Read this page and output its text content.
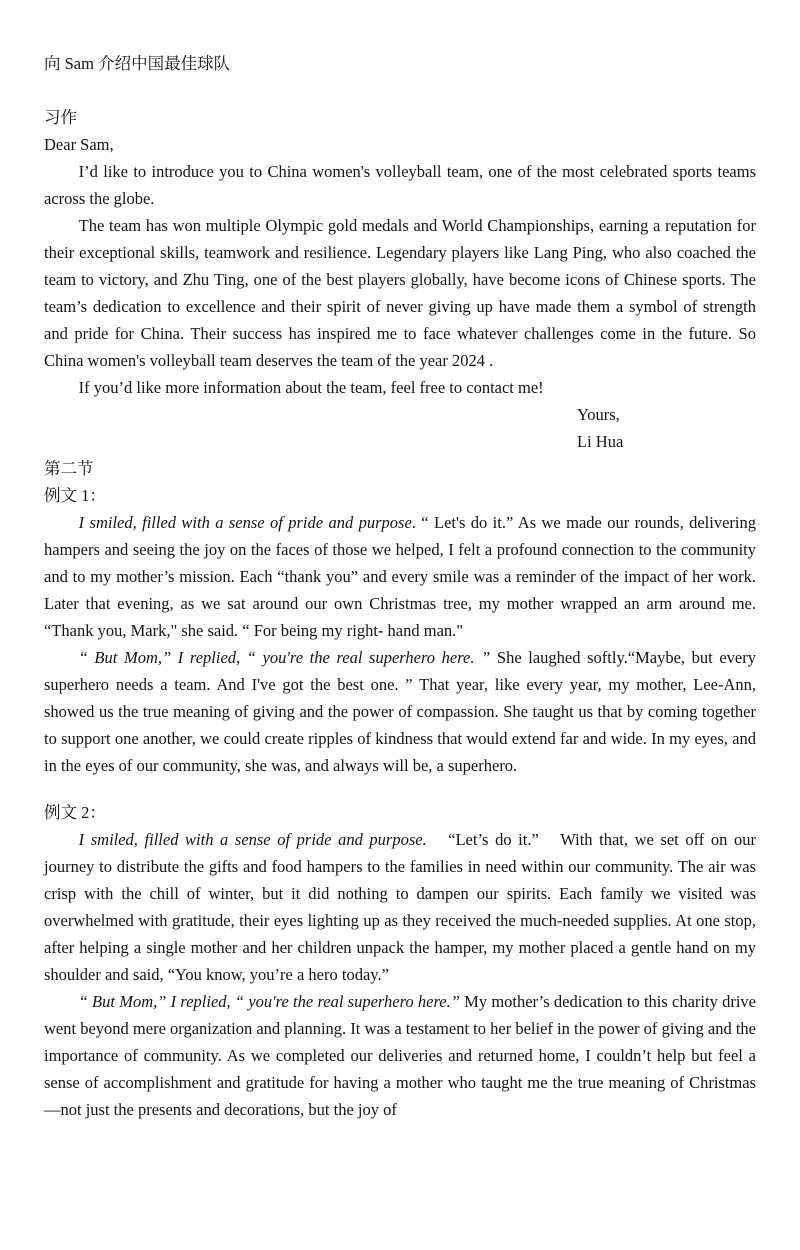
向 Sam 介绍中国最佳球队
习作
Dear Sam,

I’d like to introduce you to China women's volleyball team, one of the most celebrated sports teams across the globe.

The team has won multiple Olympic gold medals and World Championships, earning a reputation for their exceptional skills, teamwork and resilience. Legendary players like Lang Ping, who also coached the team to victory, and Zhu Ting, one of the best players globally, have become icons of Chinese sports. The team’s dedication to excellence and their spirit of never giving up have made them a symbol of strength and pride for China. Their success has inspired me to face whatever challenges come in the future. So China women's volleyball team deserves the team of the year 2024 .

If you’d like more information about the team, feel free to contact me!

Yours,
Li Hua
第二节
例文 1：

I smiled, filled with a sense of pride and purpose. “ Let's do it.” As we made our rounds, delivering hampers and seeing the joy on the faces of those we helped, I felt a profound connection to the community and to my mother’s mission. Each “thank you” and every smile was a reminder of the impact of her work. Later that evening, as we sat around our own Christmas tree, my mother wrapped an arm around me. “Thank you, Mark," she said. “ For being my right- hand man."

“ But Mom,” I replied, “ you're the real superhero here. ” She laughed softly.“Maybe, but every superhero needs a team. And I've got the best one. ” That year, like every year, my mother, Lee-Ann, showed us the true meaning of giving and the power of compassion. She taught us that by coming together to support one another, we could create ripples of kindness that would extend far and wide. In my eyes, and in the eyes of our community, she was, and always will be, a superhero.

例文 2：

I smiled, filled with a sense of pride and purpose.　“Let’s do it.”　With that, we set off on our journey to distribute the gifts and food hampers to the families in need within our community. The air was crisp with the chill of winter, but it did nothing to dampen our spirits. Each family we visited was overwhelmed with gratitude, their eyes lighting up as they received the much-needed supplies. At one stop, after helping a single mother and her children unpack the hamper, my mother placed a gentle hand on my shoulder and said, “You know, you’re a hero today.”

“ But Mom,” I replied, “ you're the real superhero here.” My mother’s dedication to this charity drive went beyond mere organization and planning. It was a testament to her belief in the power of giving and the importance of community. As we completed our deliveries and returned home, I couldn’t help but feel a sense of accomplishment and gratitude for having a mother who taught me the true meaning of Christmas—not just the presents and decorations, but the joy of
